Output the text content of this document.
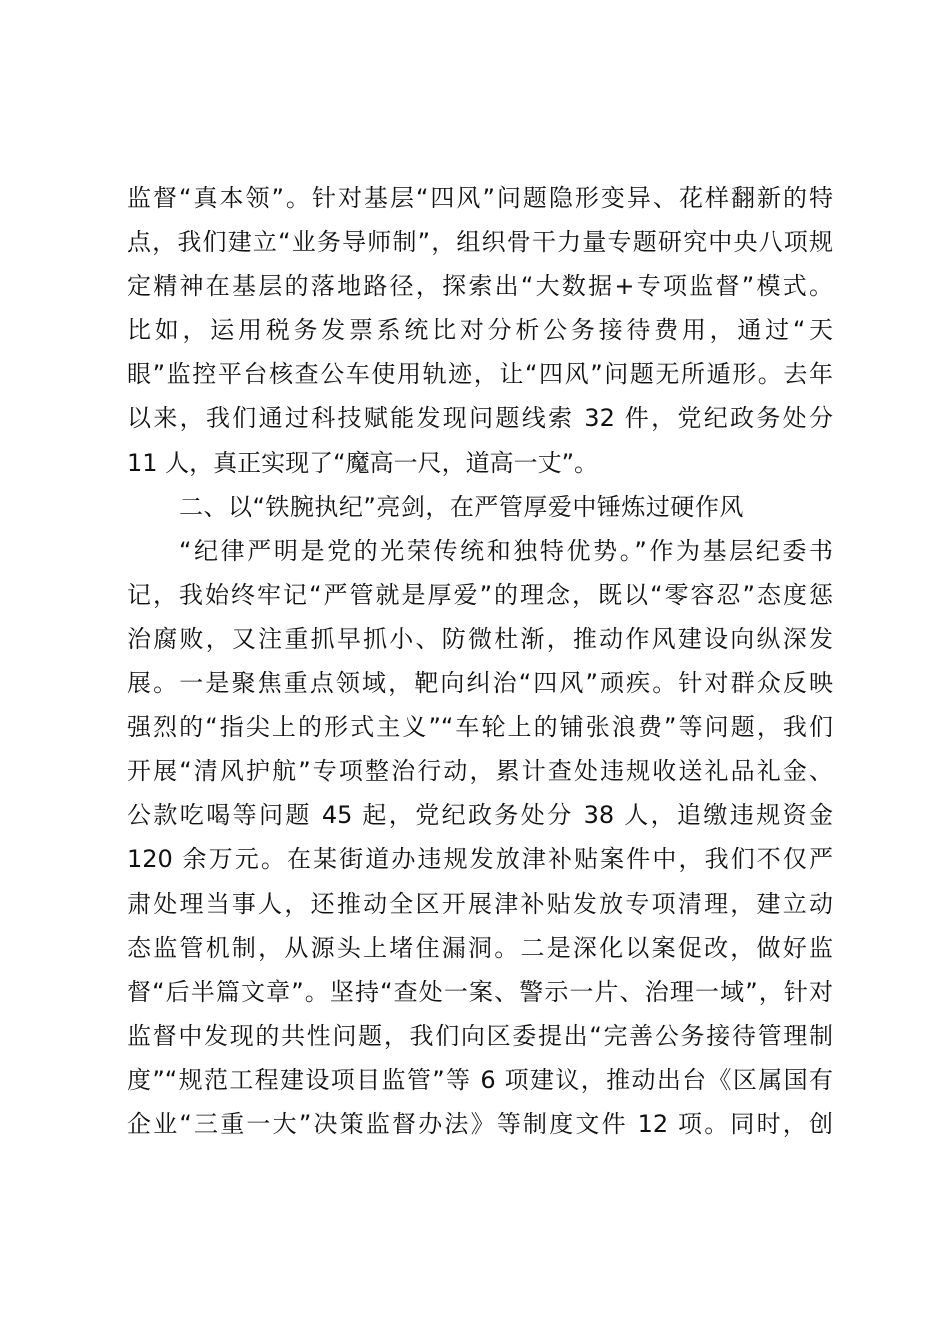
监督“真本领”。针对基层“四风”问题隐形变异、花样翻新的特
点，我们建立“业务导师制”，组织骨干力量专题研究中央八项规
定精神在基层的落地路径，探索出“大数据+专项监督”模式。
比如，运用税务发票系统比对分析公务接待费用，通过“天
眼”监控平台核查公车使用轨迹，让“四风”问题无所遁形。去年
以来，我们通过科技赋能发现问题线索 32 件，党纪政务处分
11 人，真正实现了“魔高一尺，道高一丈”。
二、以“铁腕执纪”亮剑，在严管厚爱中锤炼过硬作风
“纪律严明是党的光荣传统和独特优势。”作为基层纪委书
记，我始终牢记“严管就是厚爱”的理念，既以“零容忍”态度惩
治腐败，又注重抓早抓小、防微杜渐，推动作风建设向纵深发
展。一是聚焦重点领域，靶向纠治“四风”顽疾。针对群众反映
强烈的“指尖上的形式主义”“车轮上的铺张浪费”等问题，我们
开展“清风护航”专项整治行动，累计查处违规收送礼品礼金、
公款吃喝等问题 45 起，党纪政务处分 38 人，追缴违规资金
120 余万元。在某街道办违规发放津补贴案件中，我们不仅严
肃处理当事人，还推动全区开展津补贴发放专项清理，建立动
态监管机制，从源头上堵住漏洞。二是深化以案促改，做好监
督“后半篇文章”。坚持“查处一案、警示一片、治理一域”，针对
监督中发现的共性问题，我们向区委提出“完善公务接待管理制
度”“规范工程建设项目监管”等 6 项建议，推动出台《区属国有
企业“三重一大”决策监督办法》等制度文件 12 项。同时，创
